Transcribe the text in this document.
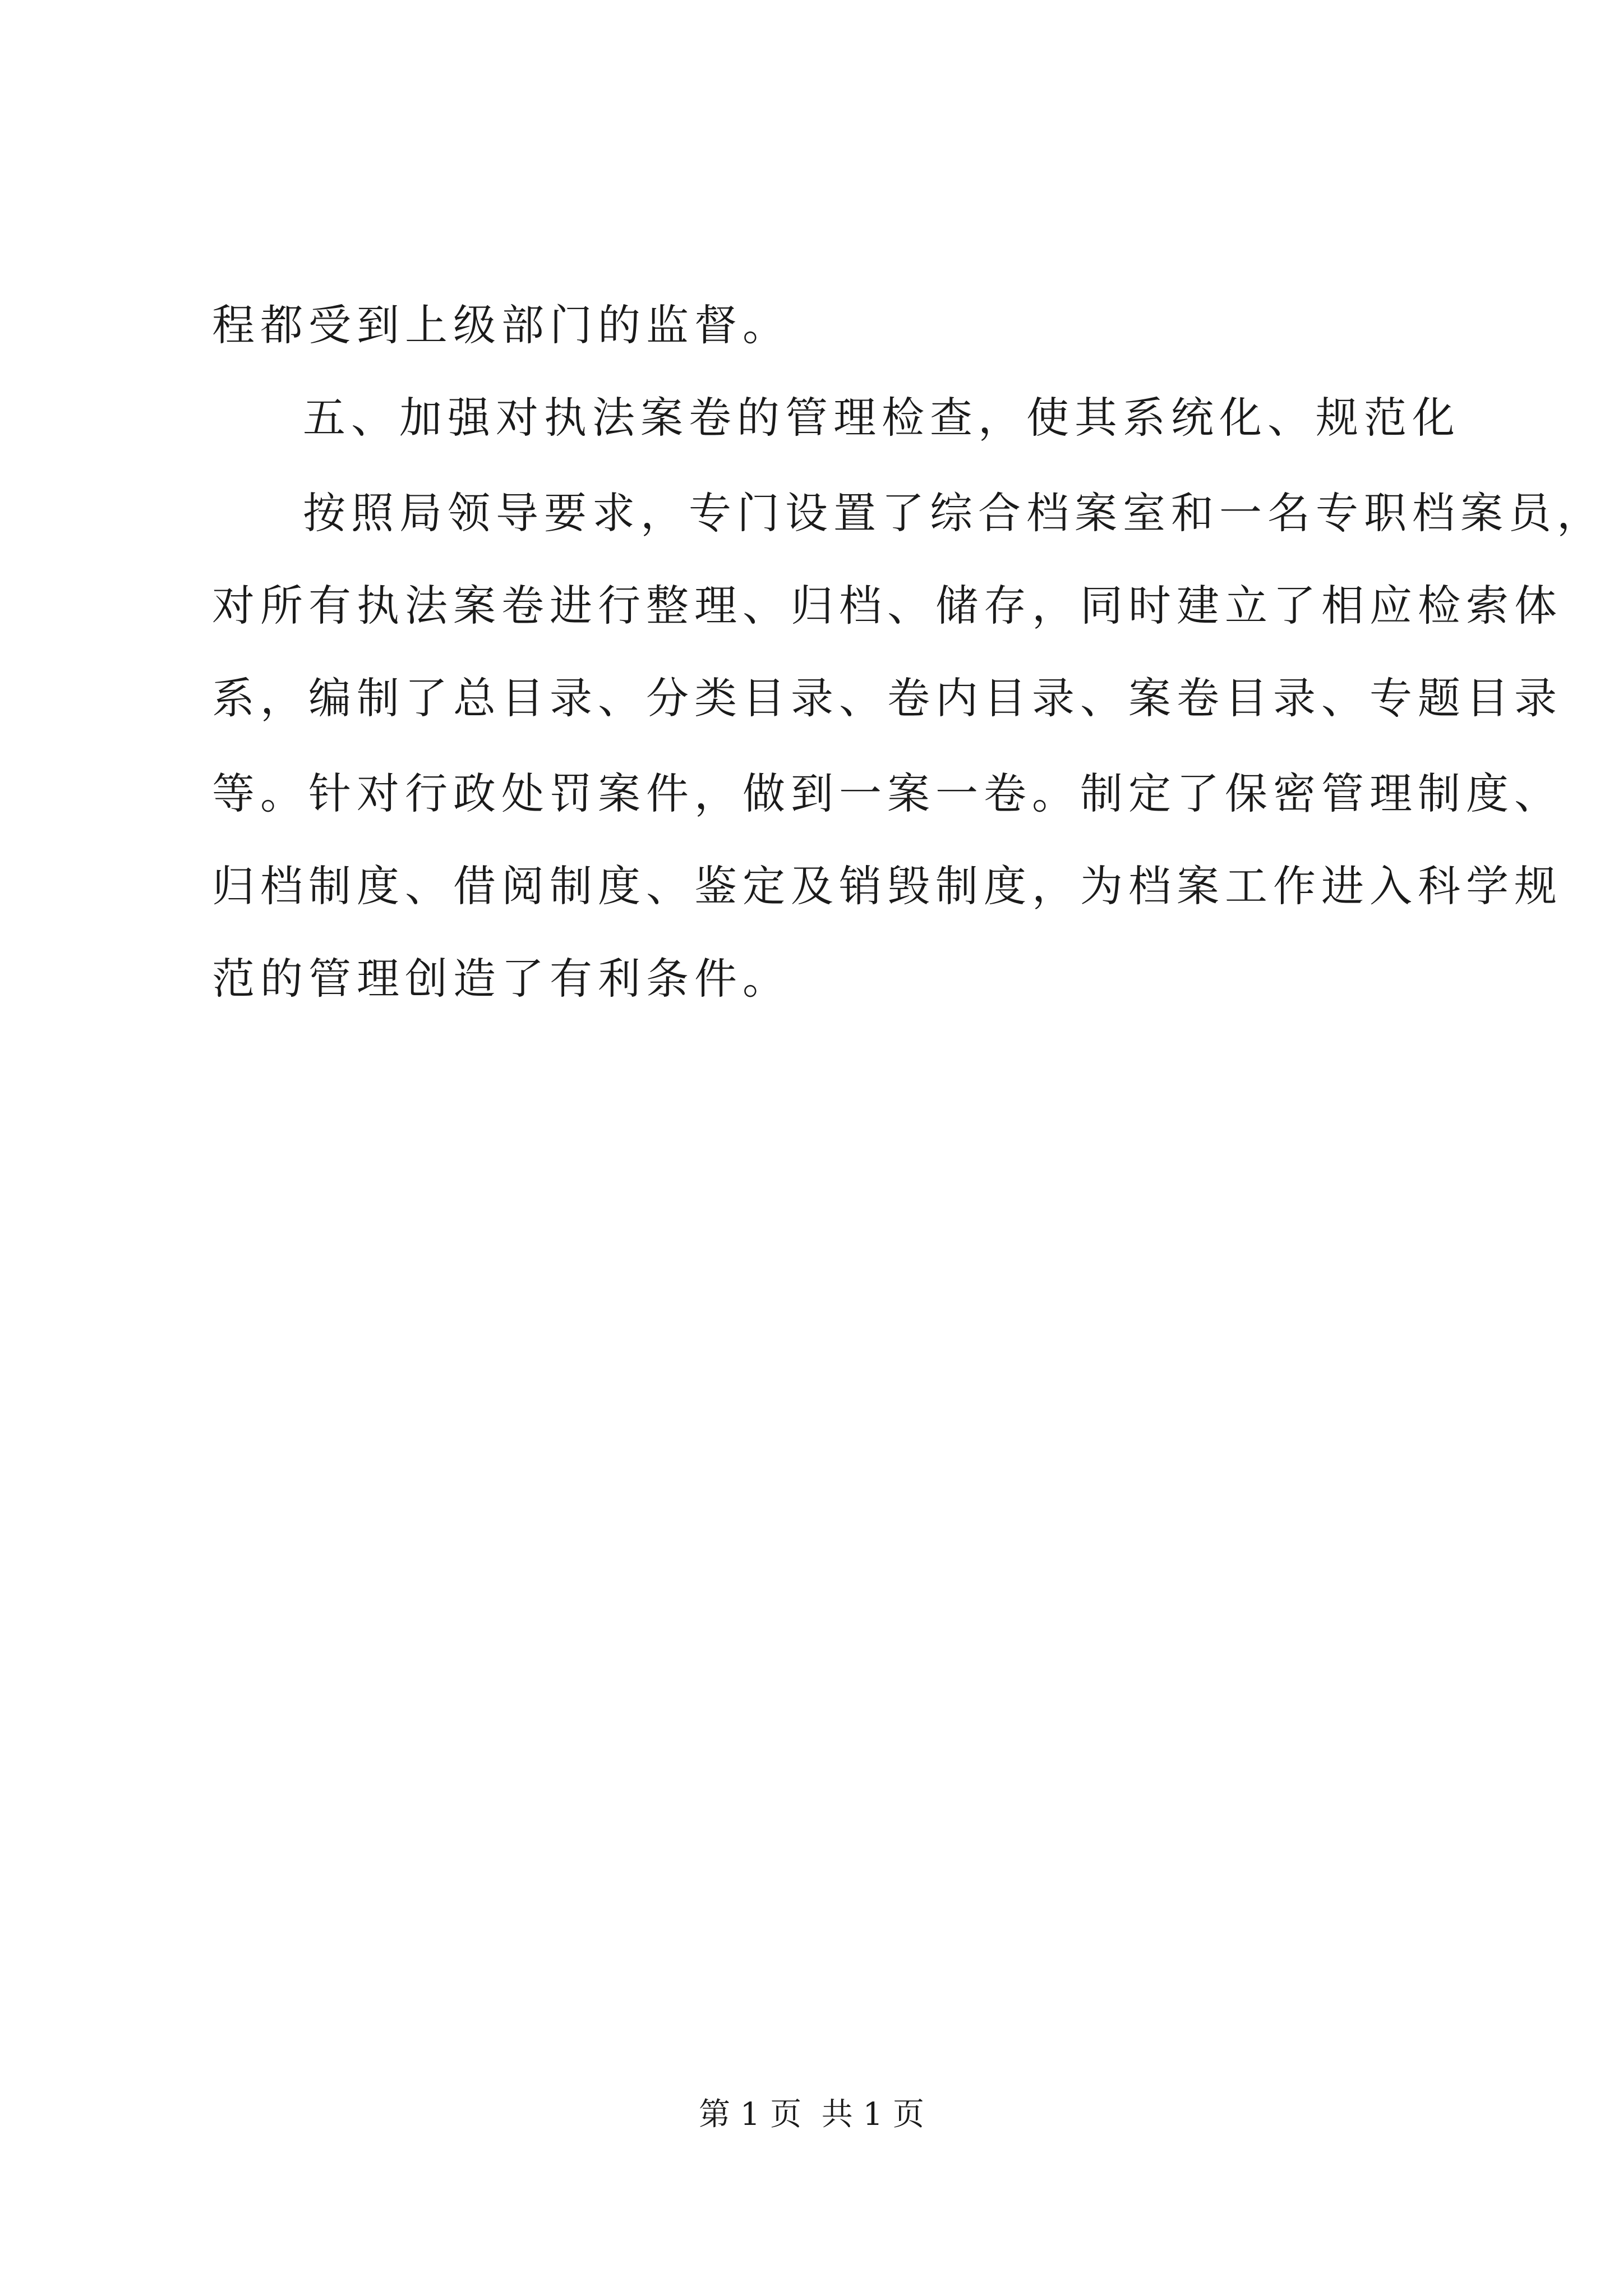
程都受到上级部门的监督。
五、加强对执法案卷的管理检查，使其系统化、规范化
按照局领导要求，专门设置了综合档案室和一名专职档案员，
对所有执法案卷进行整理、归档、储存，同时建立了相应检索体
系，编制了总目录、分类目录、卷内目录、案卷目录、专题目录
等。针对行政处罚案件，做到一案一卷。制定了保密管理制度、
归档制度、借阅制度、鉴定及销毁制度，为档案工作进入科学规
范的管理创造了有利条件。
第 1 页  共 1 页
